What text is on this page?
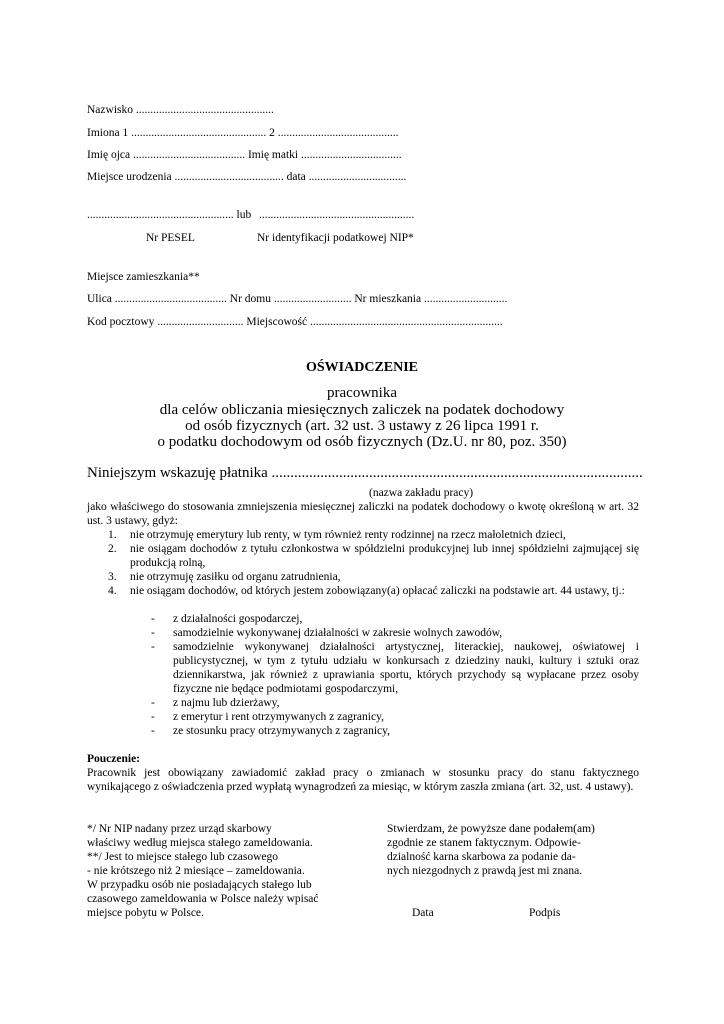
Nazwisko ................................................
Imiona 1 ............................................... 2 ..........................................
Imię ojca ....................................... Imię matki ...................................
Miejsce urodzenia ...................................... data ..................................
................................................... lub ......................................................
Nr PESEL	Nr identyfikacji podatkowej NIP*
Miejsce zamieszkania**
Ulica ....................................... Nr domu ........................... Nr mieszkania .............................
Kod pocztowy .............................. Miejscowość ...................................................................
OŚWIADCZENIE
pracownika
dla celów obliczania miesięcznych zaliczek na podatek dochodowy
od osób fizycznych (art. 32 ust. 3 ustawy z 26 lipca 1991 r.
o podatku dochodowym od osób fizycznych (Dz.U. nr 80, poz. 350)
Niniejszym wskazuję płatnika ...................................................................................................
(nazwa zakładu pracy)
jako właściwego do stosowania zmniejszenia miesięcznej zaliczki na podatek dochodowy o kwotę określoną w art. 32 ust. 3 ustawy, gdyż:
1. nie otrzymuję emerytury lub renty, w tym również renty rodzinnej na rzecz małoletnich dzieci,
2. nie osiągam dochodów z tytułu członkostwa w spółdzielni produkcyjnej lub innej spółdzielni zajmującej się produkcją rolną,
3. nie otrzymuję zasiłku od organu zatrudnienia,
4. nie osiągam dochodów, od których jestem zobowiązany(a) opłacać zaliczki na podstawie art. 44 ustawy, tj.:
- z działalności gospodarczej,
- samodzielnie wykonywanej działalności w zakresie wolnych zawodów,
- samodzielnie wykonywanej działalności artystycznej, literackiej, naukowej, oświatowej i publicystycznej, w tym z tytułu udziału w konkursach z dziedziny nauki, kultury i sztuki oraz dziennikarstwa, jak również z uprawiania sportu, których przychody są wypłacane przez osoby fizyczne nie będące podmiotami gospodarczymi,
- z najmu lub dzierżawy,
- z emerytur i rent otrzymywanych z zagranicy,
- ze stosunku pracy otrzymywanych z zagranicy,
Pouczenie:
Pracownik jest obowiązany zawiadomić zakład pracy o zmianach w stosunku pracy do stanu faktycznego wynikającego z oświadczenia przed wypłatą wynagrodzeń za miesiąc, w którym zaszła zmiana (art. 32, ust. 4 ustawy).
*/ Nr NIP nadany przez urząd skarbowy
właściwy według miejsca stałego zameldowania.
**/ Jest to miejsce stałego lub czasowego
- nie krótszego niż 2 miesiące – zameldowania.
W przypadku osób nie posiadających stałego lub
czasowego zameldowania w Polsce należy wpisać
miejsce pobytu w Polsce.
Stwierdzam, że powyższe dane podałem(am)
zgodnie ze stanem faktycznym. Odpowie-
dzialność karna skarbowa za podanie da-
nych niezgodnych z prawdą jest mi znana.
Data	Podpis
